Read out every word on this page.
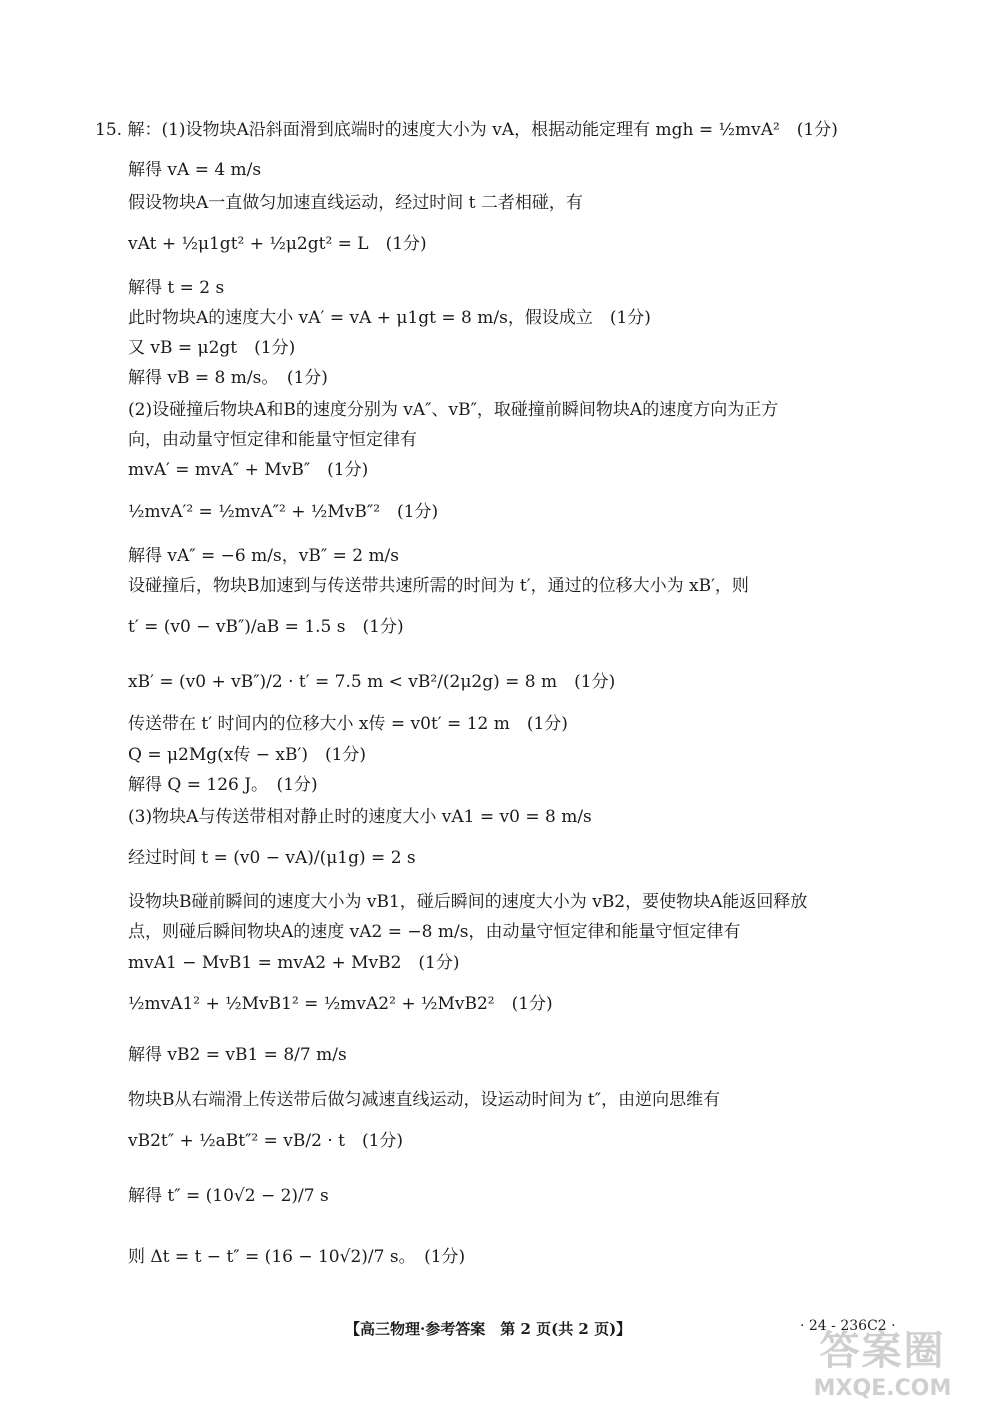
15. 解：(1)设物块A沿斜面滑到底端时的速度大小为 vA，根据动能定理有 mgh = ½mvA²　(1分)
解得 vA = 4 m/s
假设物块A一直做匀加速直线运动，经过时间 t 二者相碰，有
vAt + ½μ1gt² + ½μ2gt² = L　(1分)
解得 t = 2 s
此时物块A的速度大小 vA′ = vA + μ1gt = 8 m/s，假设成立　(1分)
又 vB = μ2gt　(1分)
解得 vB = 8 m/s。　(1分)
(2)设碰撞后物块A和B的速度分别为 vA″、vB″，取碰撞前瞬间物块A的速度方向为正方
向，由动量守恒定律和能量守恒定律有
mvA′ = mvA″ + MvB″　(1分)
½mvA′² = ½mvA″² + ½MvB″²　(1分)
解得 vA″ = −6 m/s，vB″ = 2 m/s
设碰撞后，物块B加速到与传送带共速所需的时间为 t′，通过的位移大小为 xB′，则
t′ = (v0 − vB″)/aB = 1.5 s　(1分)
xB′ = (v0 + vB″)/2 · t′ = 7.5 m < vB²/(2μ2g) = 8 m　(1分)
传送带在 t′ 时间内的位移大小 x传 = v0t′ = 12 m　(1分)
Q = μ2Mg(x传 − xB′)　(1分)
解得 Q = 126 J。　(1分)
(3)物块A与传送带相对静止时的速度大小 vA1 = v0 = 8 m/s
经过时间 t = (v0 − vA)/(μ1g) = 2 s
设物块B碰前瞬间的速度大小为 vB1，碰后瞬间的速度大小为 vB2，要使物块A能返回释放
点，则碰后瞬间物块A的速度 vA2 = −8 m/s，由动量守恒定律和能量守恒定律有
mvA1 − MvB1 = mvA2 + MvB2　(1分)
½mvA1² + ½MvB1² = ½mvA2² + ½MvB2²　(1分)
解得 vB2 = vB1 = 8/7 m/s
物块B从右端滑上传送带后做匀减速直线运动，设运动时间为 t″，由逆向思维有
vB2t″ + ½aBt″² = vB/2 · t　(1分)
解得 t″ = (10√2 − 2)/7 s
则 Δt = t − t″ = (16 − 10√2)/7 s。　(1分)
【高三物理·参考答案　第 2 页(共 2 页)】	· 24 - 236C2 ·
答案圈
MXQE.COM
